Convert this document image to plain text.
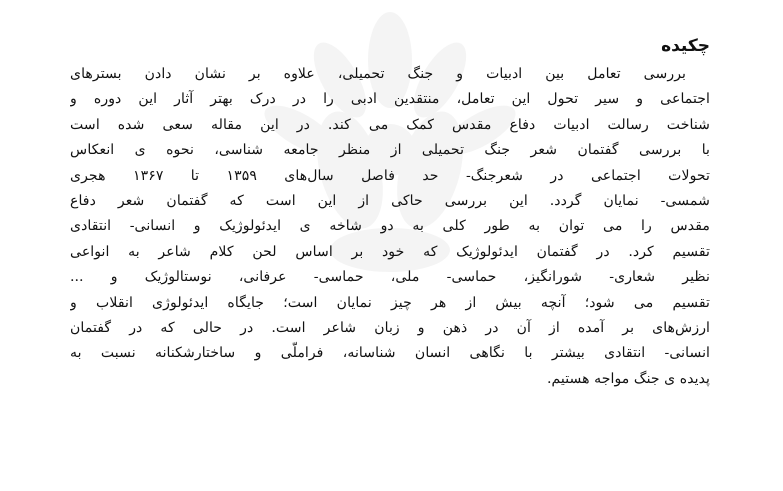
چکیده
بررسی تعامل بین ادبیات و جنگ تحمیلی، علاوه بر نشان دادن بسترهای
اجتماعی و سیر تحول این تعامل، منتقدین ادبی را در درک بهتر آثار این دوره و
شناخت رسالت ادبیات دفاع مقدس کمک می کند. در این مقاله سعی شده است
با بررسی گفتمان شعر جنگ تحمیلی از منظر جامعه شناسی، نحوه ی انعکاس
تحولات اجتماعی در شعرجنگ- حد فاصل سال‌های ۱۳۵۹ تا ۱۳۶۷ هجری
شمسی- نمایان گردد. این بررسی حاکی از این است که گفتمان شعر دفاع
مقدس را می توان به طور کلی به دو شاخه ی ایدئولوژیک و انسانی- انتقادی
تقسیم کرد. در گفتمان ایدئولوژیک که خود بر اساس لحن کلام شاعر به انواعی
نظیر شعاری- شورانگیز، حماسی- ملی، حماسی- عرفانی، نوستالوژیک و ...
تقسیم می شود؛ آنچه بیش از هر چیز نمایان است؛ جایگاه ایدئولوژی انقلاب و
ارزش‌های بر آمده از آن در ذهن و زبان شاعر است. در حالی که در گفتمان
انسانی- انتقادی بیشتر با نگاهی انسان شناسانه، فراملّی و ساختارشکنانه نسبت به
پدیده ی جنگ مواجه هستیم.
